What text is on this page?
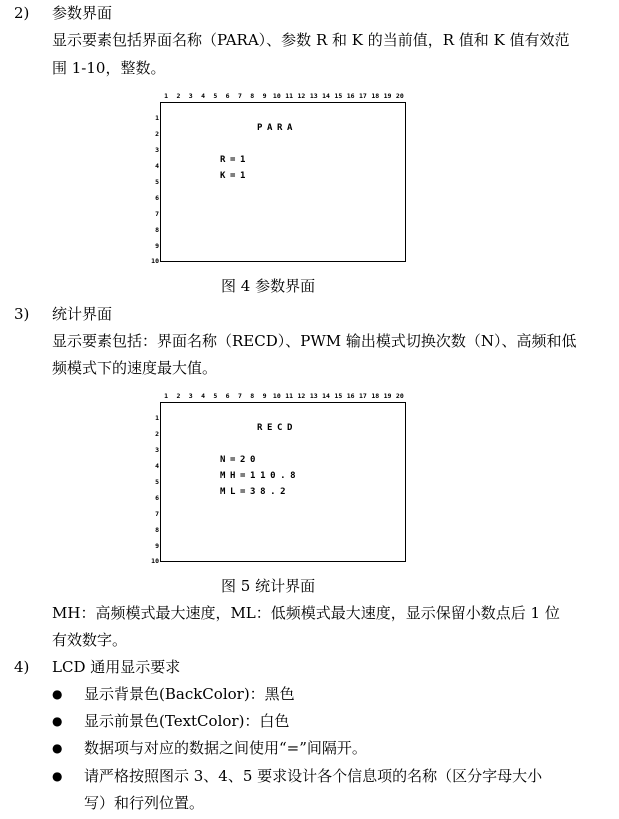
2) 参数界面
显示要素包括界面名称（PARA）、参数 R 和 K 的当前值，R 值和 K 值有效范
围 1-10，整数。
1 2 3 4 5 6 7 8 9 10 11 12 13 14 15 16 17 18 19 20
1
2
3
4
5
6
7
8
9
10
PARA
R=1
K=1
图 4 参数界面
3) 统计界面
显示要素包括：界面名称（RECD）、PWM 输出模式切换次数（N）、高频和低
频模式下的速度最大值。
1 2 3 4 5 6 7 8 9 10 11 12 13 14 15 16 17 18 19 20
1
2
3
4
5
6
7
8
9
10
RECD
N=20
MH=110.8
ML=38.2
图 5 统计界面
MH：高频模式最大速度，ML：低频模式最大速度，显示保留小数点后 1 位
有效数字。
4) LCD 通用显示要求
● 显示背景色(BackColor)：黑色
● 显示前景色(TextColor)：白色
● 数据项与对应的数据之间使用“=”间隔开。
● 请严格按照图示 3、4、5 要求设计各个信息项的名称（区分字母大小
写）和行列位置。
